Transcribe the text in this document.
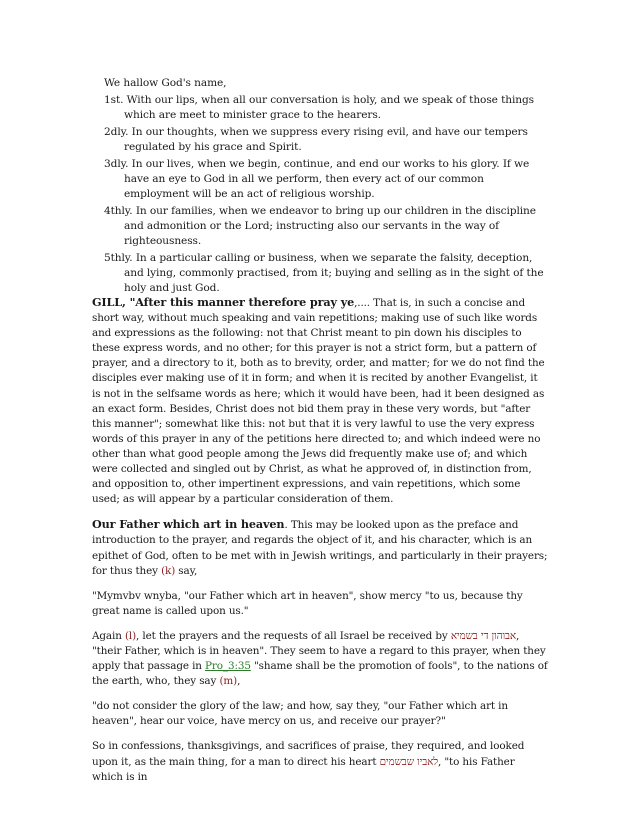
We hallow God's name,
1st. With our lips, when all our conversation is holy, and we speak of those things which are meet to minister grace to the hearers.
2dly. In our thoughts, when we suppress every rising evil, and have our tempers regulated by his grace and Spirit.
3dly. In our lives, when we begin, continue, and end our works to his glory. If we have an eye to God in all we perform, then every act of our common employment will be an act of religious worship.
4thly. In our families, when we endeavor to bring up our children in the discipline and admonition or the Lord; instructing also our servants in the way of righteousness.
5thly. In a particular calling or business, when we separate the falsity, deception, and lying, commonly practised, from it; buying and selling as in the sight of the holy and just God.

GILL, "After this manner therefore pray ye,.... That is, in such a concise and short way, without much speaking and vain repetitions; making use of such like words and expressions as the following: not that Christ meant to pin down his disciples to these express words, and no other; for this prayer is not a strict form, but a pattern of prayer, and a directory to it, both as to brevity, order, and matter; for we do not find the disciples ever making use of it in form; and when it is recited by another Evangelist, it is not in the selfsame words as here; which it would have been, had it been designed as an exact form. Besides, Christ does not bid them pray in these very words, but "after this manner"; somewhat like this: not but that it is very lawful to use the very express words of this prayer in any of the petitions here directed to; and which indeed were no other than what good people among the Jews did frequently make use of; and which were collected and singled out by Christ, as what he approved of, in distinction from, and opposition to, other impertinent expressions, and vain repetitions, which some used; as will appear by a particular consideration of them.

Our Father which art in heaven. This may be looked upon as the preface and introduction to the prayer, and regards the object of it, and his character, which is an epithet of God, often to be met with in Jewish writings, and particularly in their prayers; for thus they (k) say,

"Mymvbv wnyba, "our Father which art in heaven", show mercy "to us, because thy great name is called upon us."

Again (l), let the prayers and the requests of all Israel be received by אבוהון די בשמיא, "their Father, which is in heaven". They seem to have a regard to this prayer, when they apply that passage in Pro_3:35 "shame shall be the promotion of fools", to the nations of the earth, who, they say (m),

"do not consider the glory of the law; and how, say they, "our Father which art in heaven", hear our voice, have mercy on us, and receive our prayer?"

So in confessions, thanksgivings, and sacrifices of praise, they required, and looked upon it, as the main thing, for a man to direct his heart לאביו שבשמים, "to his Father which is in
